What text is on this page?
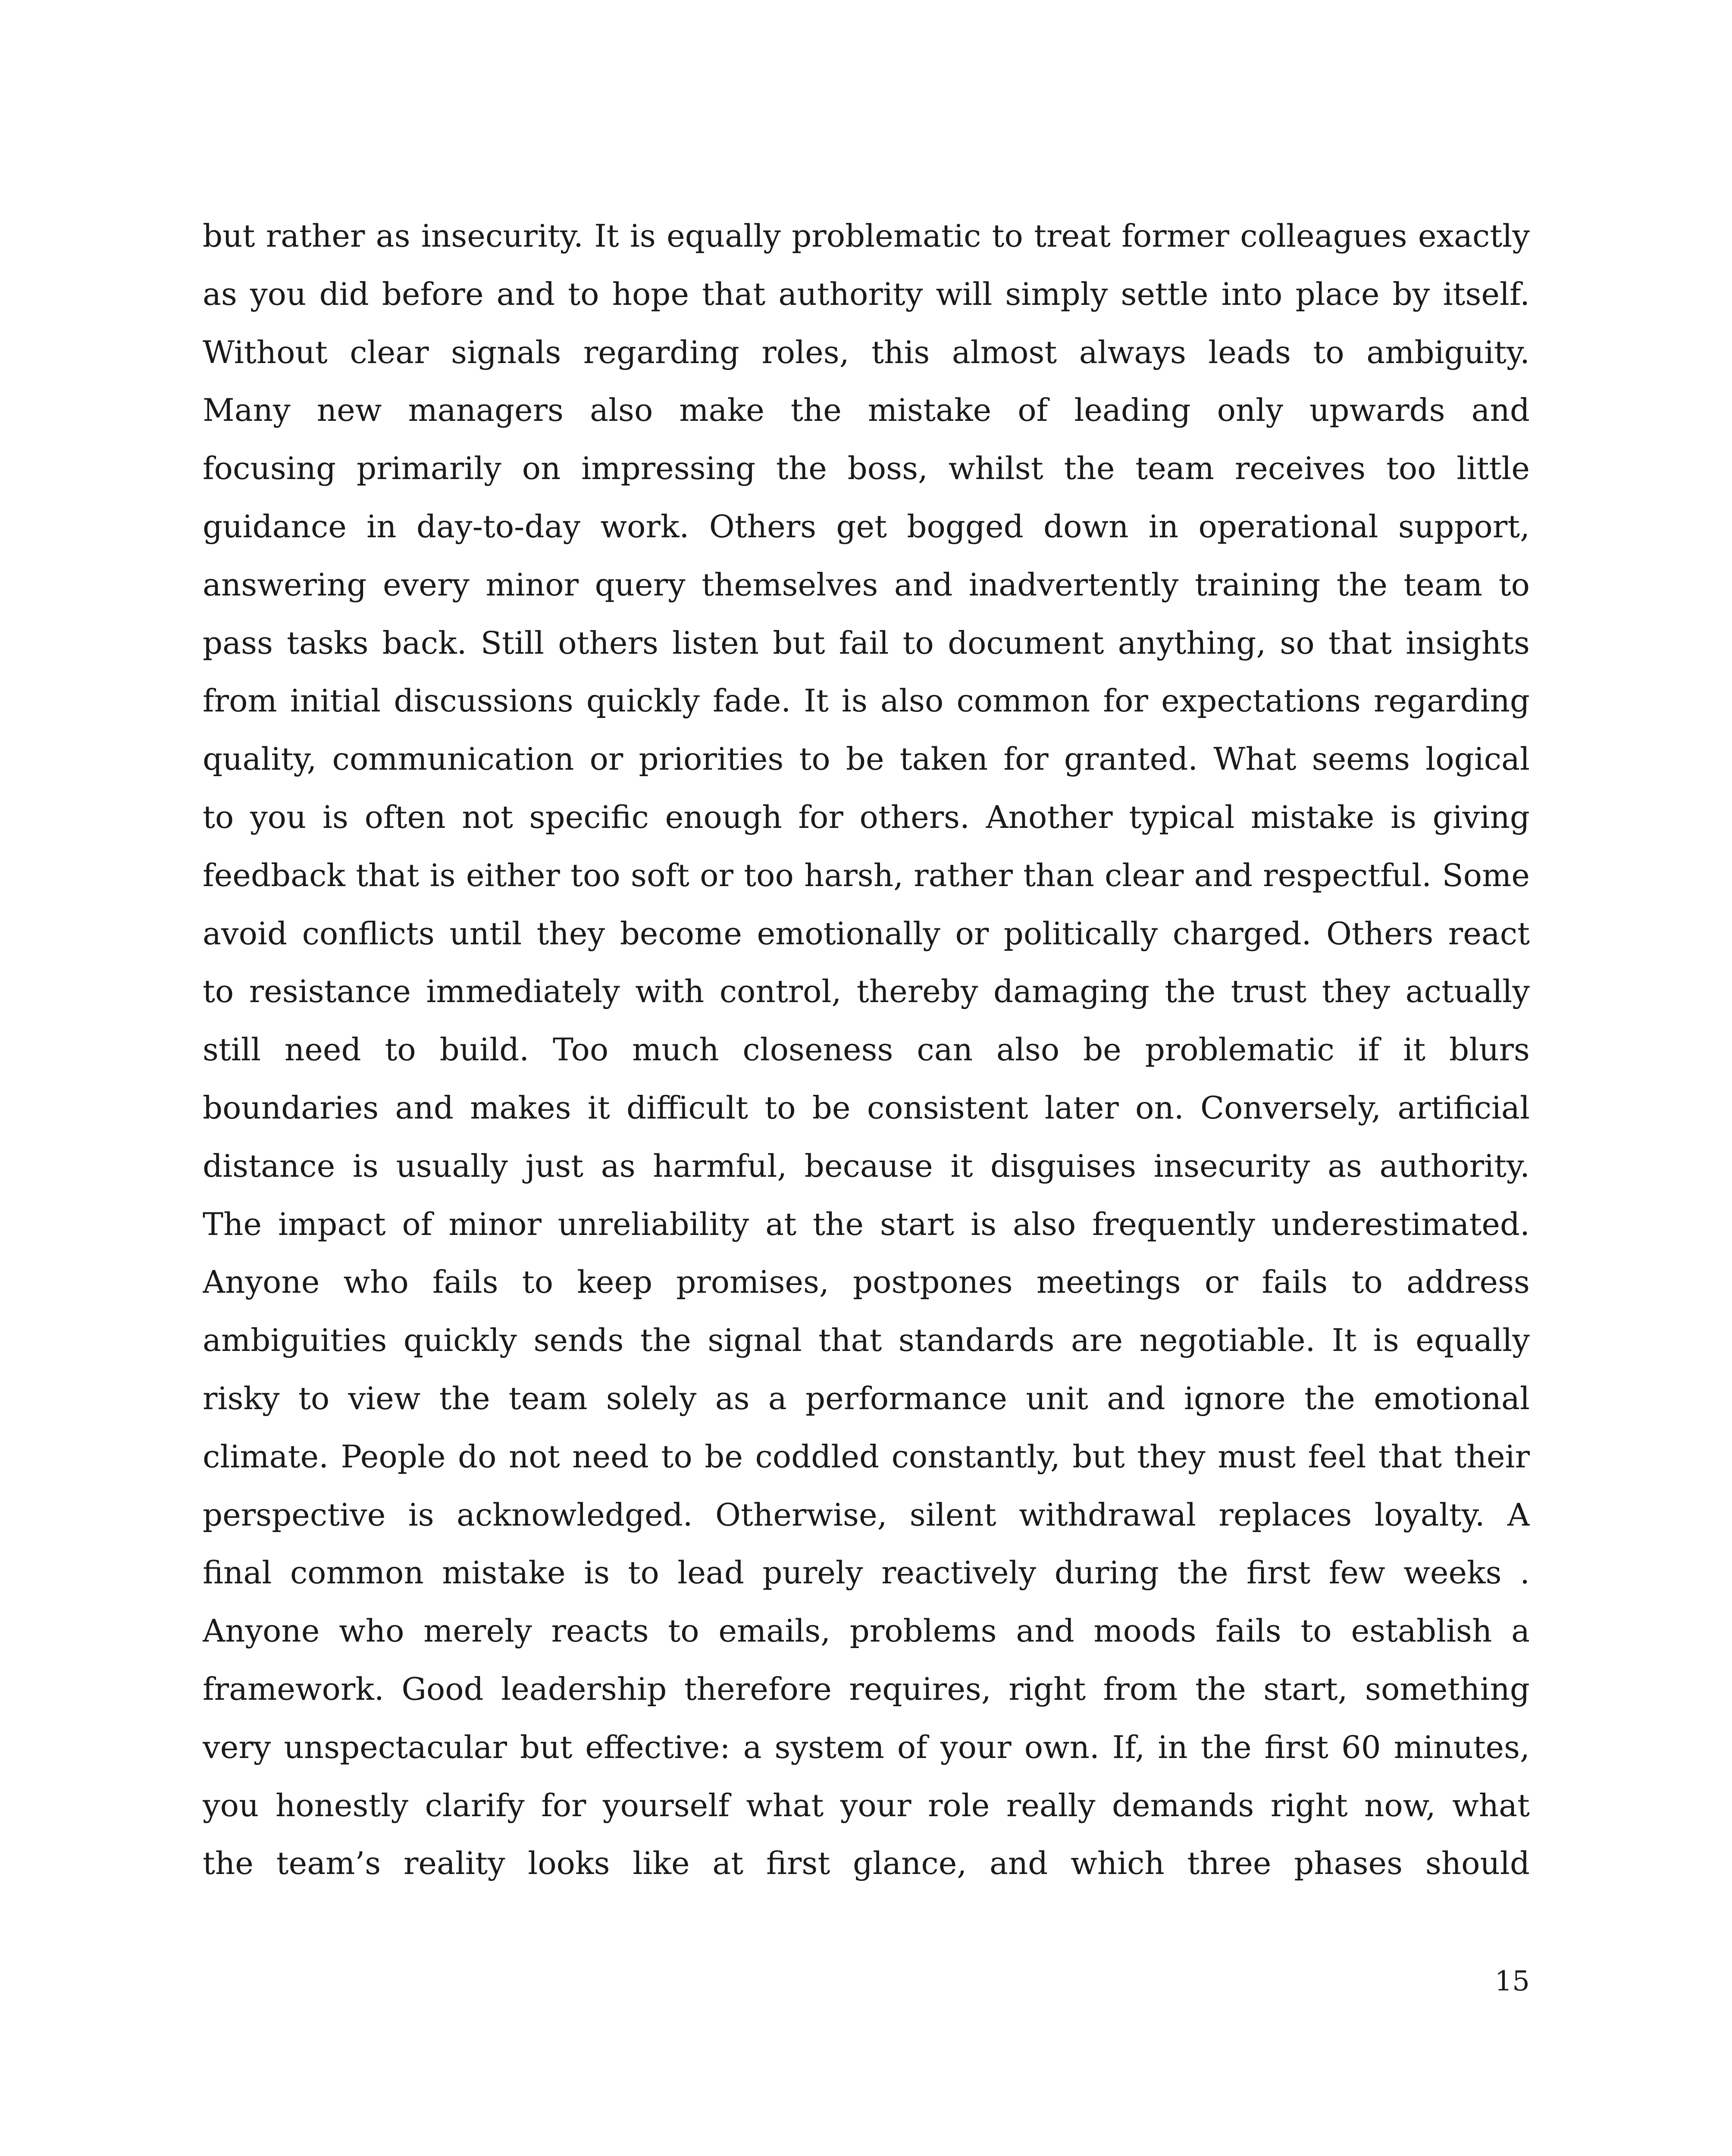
but rather as insecurity. It is equally problematic to treat former colleagues exactly
as you did before and to hope that authority will simply settle into place by itself.
Without clear signals regarding roles, this almost always leads to ambiguity.
Many new managers also make the mistake of leading only upwards and
focusing primarily on impressing the boss, whilst the team receives too little
guidance in day-to-day work. Others get bogged down in operational support,
answering every minor query themselves and inadvertently training the team to
pass tasks back. Still others listen but fail to document anything, so that insights
from initial discussions quickly fade. It is also common for expectations regarding
quality, communication or priorities to be taken for granted. What seems logical
to you is often not specific enough for others. Another typical mistake is giving
feedback that is either too soft or too harsh, rather than clear and respectful. Some
avoid conflicts until they become emotionally or politically charged. Others react
to resistance immediately with control, thereby damaging the trust they actually
still need to build. Too much closeness can also be problematic if it blurs
boundaries and makes it difficult to be consistent later on. Conversely, artificial
distance is usually just as harmful, because it disguises insecurity as authority.
The impact of minor unreliability at the start is also frequently underestimated.
Anyone who fails to keep promises, postpones meetings or fails to address
ambiguities quickly sends the signal that standards are negotiable. It is equally
risky to view the team solely as a performance unit and ignore the emotional
climate. People do not need to be coddled constantly, but they must feel that their
perspective is acknowledged. Otherwise, silent withdrawal replaces loyalty. A
final common mistake is to lead purely reactively during the first few weeks .
Anyone who merely reacts to emails, problems and moods fails to establish a
framework. Good leadership therefore requires, right from the start, something
very unspectacular but effective: a system of your own. If, in the first 60 minutes,
you honestly clarify for yourself what your role really demands right now, what
the team’s reality looks like at first glance, and which three phases should
15
